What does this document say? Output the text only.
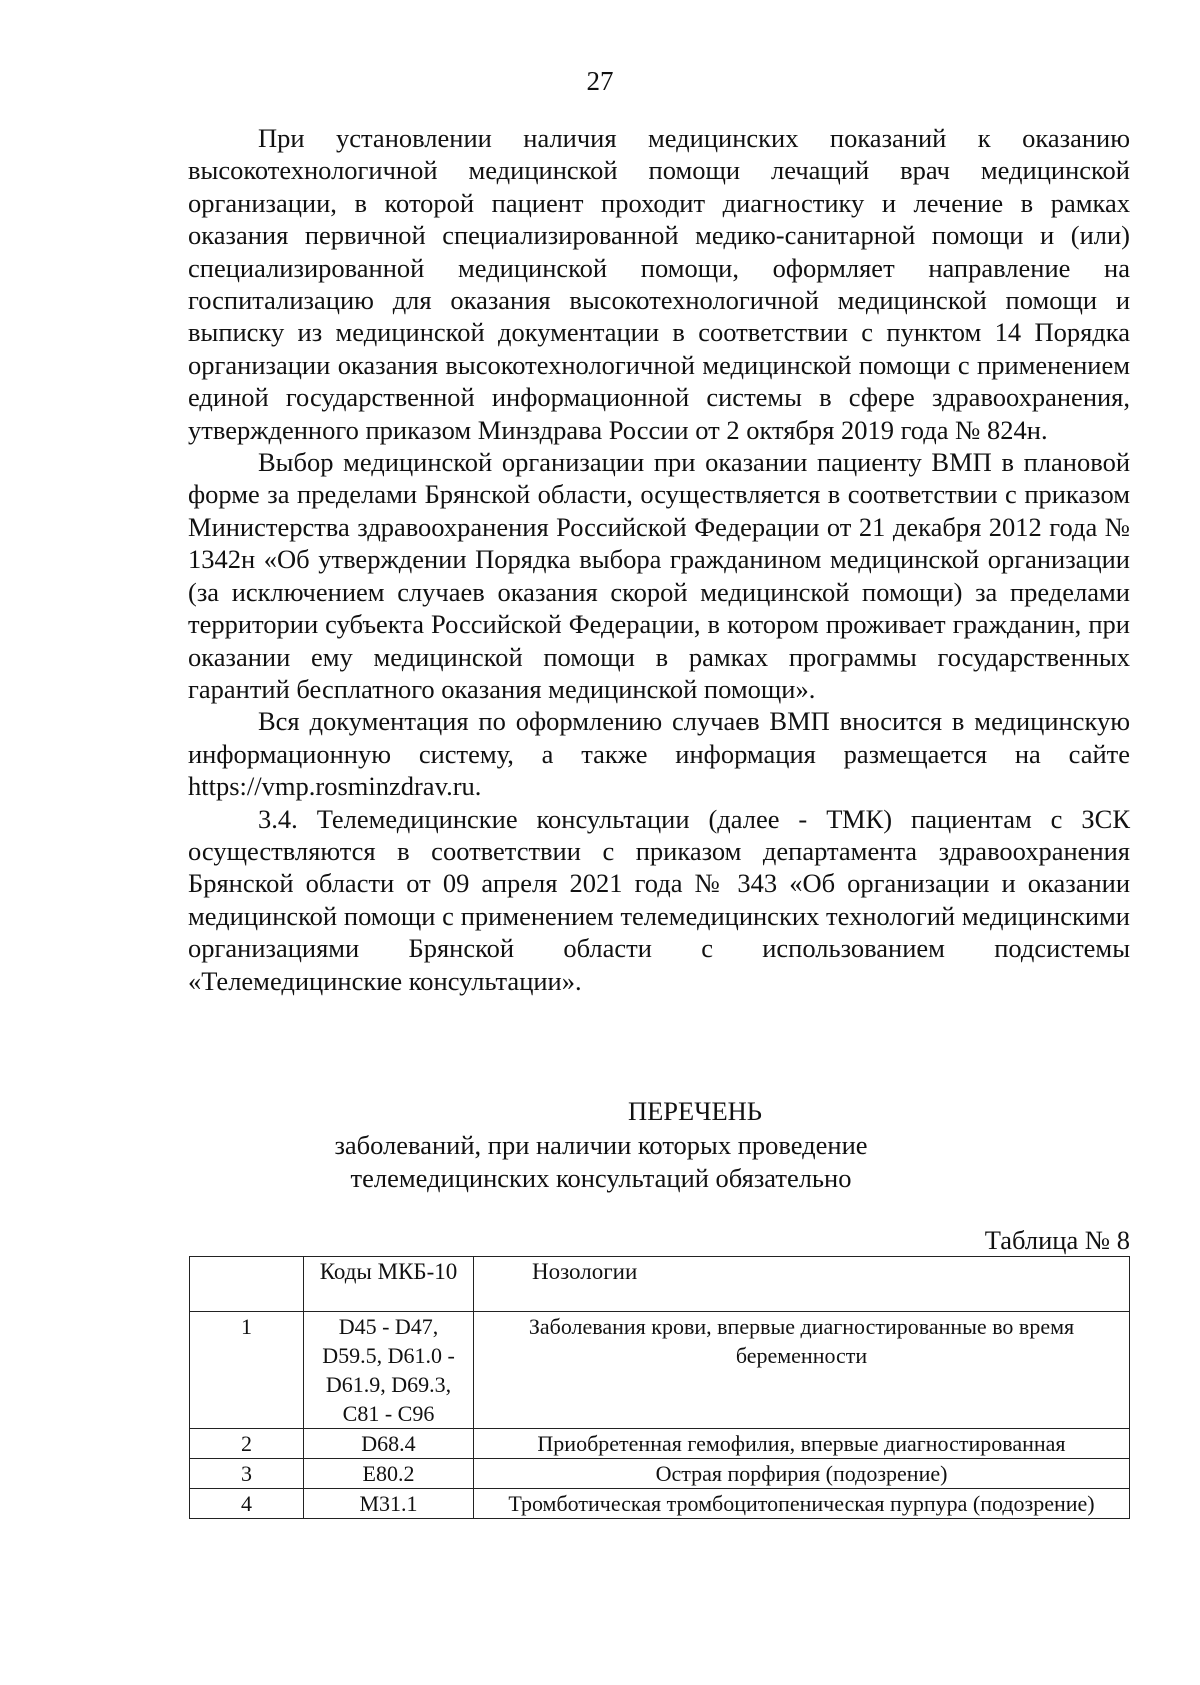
27

При установлении наличия медицинских показаний к оказанию высокотехнологичной медицинской помощи лечащий врач медицинской организации, в которой пациент проходит диагностику и лечение в рамках оказания первичной специализированной медико-санитарной помощи и (или) специализированной медицинской помощи, оформляет направление на госпитализацию для оказания высокотехнологичной медицинской помощи и выписку из медицинской документации в соответствии с пунктом 14 Порядка организации оказания высокотехнологичной медицинской помощи с применением единой государственной информационной системы в сфере здравоохранения, утвержденного приказом Минздрава России от 2 октября 2019 года № 824н.

Выбор медицинской организации при оказании пациенту ВМП в плановой форме за пределами Брянской области, осуществляется в соответствии с приказом Министерства здравоохранения Российской Федерации от 21 декабря 2012 года № 1342н «Об утверждении Порядка выбора гражданином медицинской организации (за исключением случаев оказания скорой медицинской помощи) за пределами территории субъекта Российской Федерации, в котором проживает гражданин, при оказании ему медицинской помощи в рамках программы государственных гарантий бесплатного оказания медицинской помощи».

Вся документация по оформлению случаев ВМП вносится в медицинскую информационную систему, а также информация размещается на сайте https://vmp.rosminzdrav.ru.

3.4. Телемедицинские консультации (далее - ТМК) пациентам с ЗСК осуществляются в соответствии с приказом департамента здравоохранения Брянской области от 09 апреля 2021 года № 343 «Об организации и оказании медицинской помощи с применением телемедицинских технологий медицинскими организациями Брянской области с использованием подсистемы «Телемедицинские консультации».

ПЕРЕЧЕНЬ
заболеваний, при наличии которых проведение телемедицинских консультаций обязательно
Таблица № 8
	Коды МКБ-10	Нозологии
1	D45 - D47, D59.5, D61.0 - D61.9, D69.3, C81 - C96	Заболевания крови, впервые диагностированные во время беременности
2	D68.4	Приобретенная гемофилия, впервые диагностированная
3	E80.2	Острая порфирия (подозрение)
4	M31.1	Тромботическая тромбоцитопеническая пурпура (подозрение)
